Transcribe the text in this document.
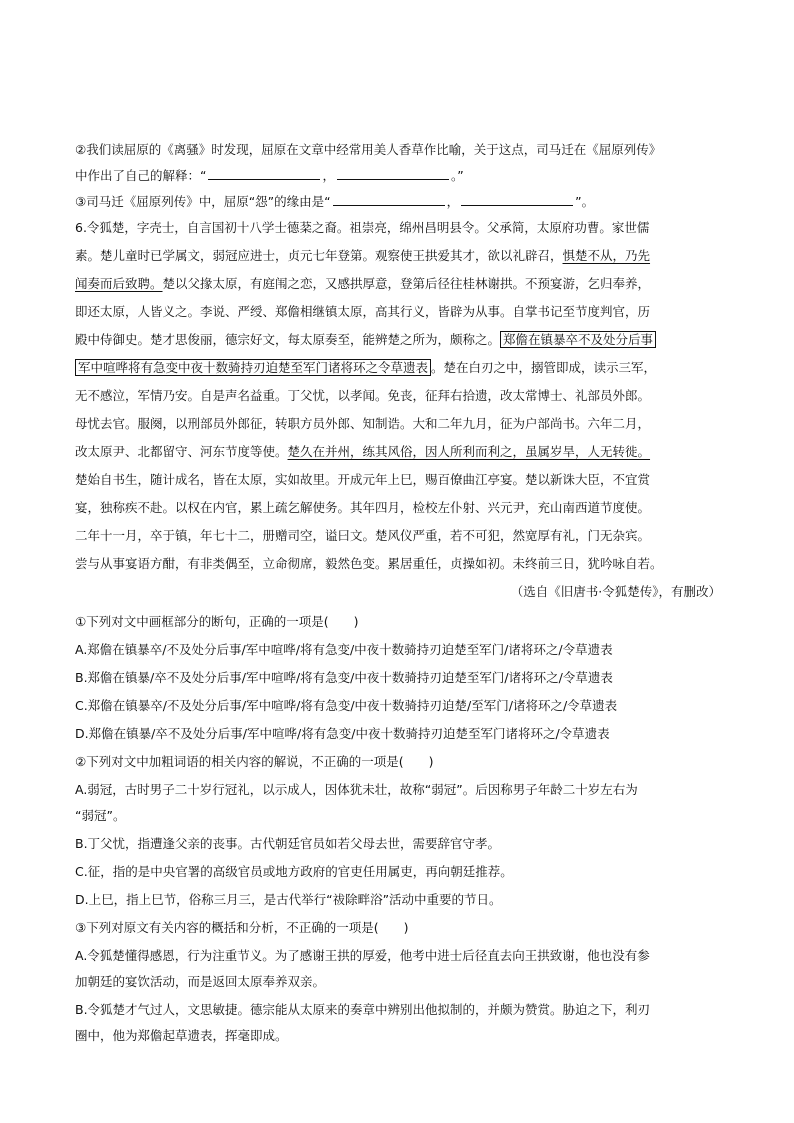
②我们读屈原的《离骚》时发现，屈原在文章中经常用美人香草作比喻，关于这点，司马迁在《屈原列传》
中作出了自己的解释：“	，	。”
③司马迁《屈原列传》中，屈原“怨”的缘由是“	，	”。
6.令狐楚，字壳士，自言国初十八学士德棻之裔。祖崇亮，绵州昌明县令。父承简，太原府功曹。家世儒
素。楚儿童时已学属文，弱冠应进士，贞元七年登第。观察使王拱爱其才，欲以礼辟召，惧楚不从，乃先
闻奏而后致聘。楚以父掾太原，有庭闱之恋，又感拱厚意，登第后径往桂林谢拱。不预宴游，乞归奉养，
即还太原，人皆义之。李说、严绶、郑儋相继镇太原，高其行义，皆辟为从事。自掌书记至节度判官，历
殿中侍御史。楚才思俊丽，德宗好文，每太原奏至，能辨楚之所为，颇称之。 郑儋在镇暴卒不及处分后事
军中喧哗将有急变中夜十数骑持刃迫楚至军门诸将环之令草遗表 。楚在白刃之中，搦管即成，读示三军，
无不感泣，军情乃安。自是声名益重。丁父忧，以孝闻。免丧，征拜右拾遗，改太常博士、礼部员外郎。
母忧去官。服阕，以刑部员外郎征，转职方员外郎、知制诰。大和二年九月，征为户部尚书。六年二月，
改太原尹、北都留守、河东节度等使。楚久在并州，练其风俗，因人所利而利之，虽属岁旱，人无转徙。
楚始自书生，随计成名，皆在太原，实如故里。开成元年上巳，赐百僚曲江亭宴。楚以新诛大臣，不宜赏
宴，独称疾不赴。以权在内官，累上疏乞解使务。其年四月，检校左仆射、兴元尹，充山南西道节度使。
二年十一月，卒于镇，年七十二，册赠司空，谥曰文。楚风仪严重，若不可犯，然宽厚有礼，门无杂宾。
尝与从事宴语方酣，有非类偶至，立命彻席，毅然色变。累居重任，贞操如初。未终前三日，犹吟咏自若。
（选自《旧唐书·令狐楚传》，有删改）
①下列对文中画框部分的断句，正确的一项是(　　)
A.郑儋在镇暴卒/不及处分后事/军中喧哗/将有急变/中夜十数骑持刃迫楚至军门/诸将环之/令草遗表
B.郑儋在镇暴/卒不及处分后事/军中喧哗/将有急变/中夜十数骑持刃迫楚至军门/诸将环之/令草遗表
C.郑儋在镇暴卒/不及处分后事/军中喧哗/将有急变/中夜十数骑持刃迫楚/至军门/诸将环之/令草遗表
D.郑儋在镇暴/卒不及处分后事/军中喧哗/将有急变/中夜十数骑持刃迫楚至军门诸将环之/令草遗表
②下列对文中加粗词语的相关内容的解说，不正确的一项是(　　)
A.弱冠，古时男子二十岁行冠礼，以示成人，因体犹未壮，故称“弱冠”。后因称男子年龄二十岁左右为
“弱冠”。
B.丁父忧，指遭逢父亲的丧事。古代朝廷官员如若父母去世，需要辞官守孝。
C.征，指的是中央官署的高级官员或地方政府的官吏任用属吏，再向朝廷推荐。
D.上巳，指上巳节，俗称三月三，是古代举行“祓除畔浴”活动中重要的节日。
③下列对原文有关内容的概括和分析，不正确的一项是(　　)
A.令狐楚懂得感恩，行为注重节义。为了感谢王拱的厚爱，他考中进士后径直去向王拱致谢，他也没有参
加朝廷的宴饮活动，而是返回太原奉养双亲。
B.令狐楚才气过人，文思敏捷。德宗能从太原来的奏章中辨别出他拟制的，并颇为赞赏。胁迫之下，利刃
圈中，他为郑儋起草遗表，挥毫即成。
